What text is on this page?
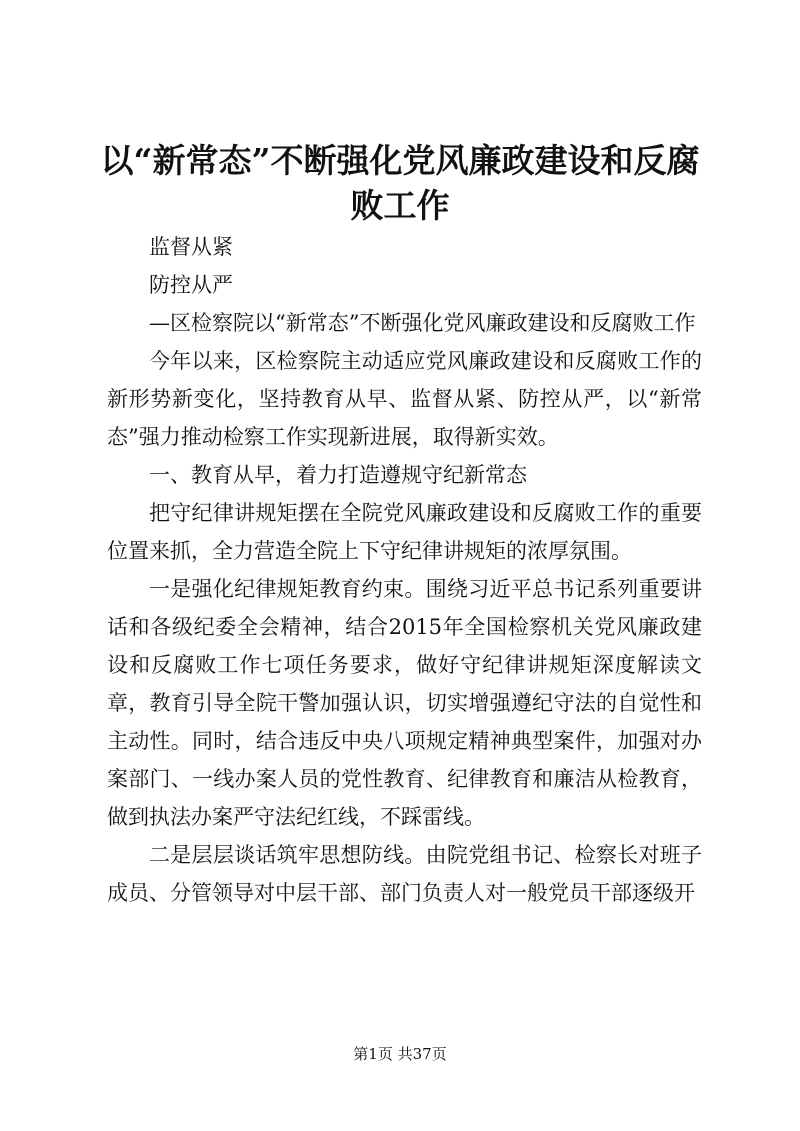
以“新常态”不断强化党风廉政建设和反腐败工作

监督从紧

防控从严

—区检察院以“新常态”不断强化党风廉政建设和反腐败工作

今年以来，区检察院主动适应党风廉政建设和反腐败工作的新形势新变化，坚持教育从早、监督从紧、防控从严，以“新常态”强力推动检察工作实现新进展，取得新实效。

一、教育从早，着力打造遵规守纪新常态

把守纪律讲规矩摆在全院党风廉政建设和反腐败工作的重要位置来抓，全力营造全院上下守纪律讲规矩的浓厚氛围。

一是强化纪律规矩教育约束。围绕习近平总书记系列重要讲话和各级纪委全会精神，结合2015年全国检察机关党风廉政建设和反腐败工作七项任务要求，做好守纪律讲规矩深度解读文章，教育引导全院干警加强认识，切实增强遵纪守法的自觉性和主动性。同时，结合违反中央八项规定精神典型案件，加强对办案部门、一线办案人员的党性教育、纪律教育和廉洁从检教育，做到执法办案严守法纪红线，不踩雷线。

二是层层谈话筑牢思想防线。由院党组书记、检察长对班子成员、分管领导对中层干部、部门负责人对一般党员干部逐级开

第1页 共37页
